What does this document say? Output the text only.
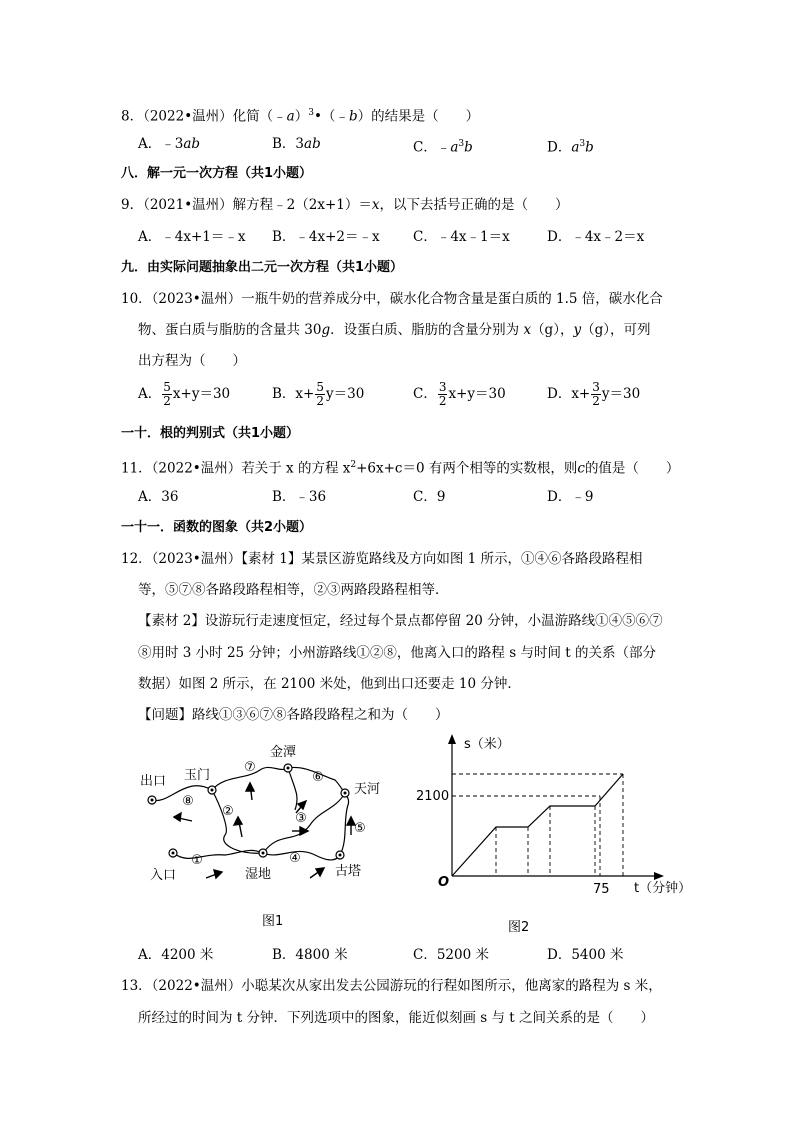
8．（2022•温州）化简（﹣a）$^3$•（﹣b）的结果是（　　）
A．﹣3ab	B．3ab	C．$﹣a^3b$	D．$a^3b$
八．解一元一次方程（共1小题）
9．（2021•温州）解方程﹣2（2x+1）＝x，以下去括号正确的是（　　）
A．﹣4x+1＝﹣x B．﹣4x+2＝﹣x C．﹣4x﹣1＝x	D．﹣4x﹣2＝x
九．由实际问题抽象出二元一次方程（共1小题）
10．（2023•温州）一瓶牛奶的营养成分中，碳水化合物含量是蛋白质的 1.5 倍，碳水化合
物、蛋白质与脂肪的含量共 30g．设蛋白质、脂肪的含量分别为 x（g），y（g），可列
出方程为（　　）
A． $\frac{5}{2} x+y=30$	B．$x+ \frac{5}{2} y=30$	C． $\frac{3}{2} x+y=30$	D．$x+ \frac{3}{2} y=30$
一十．根的判别式（共1小题）
11．（2022•温州）若关于 x 的方程 $x^2+6x+c=0$ 有两个相等的实数根，则c的值是（　　）
A．36	B．﹣36	C．9	D．﹣9
一十一．函数的图象（共2小题）
12．（2023•温州）【素材 1】某景区游览路线及方向如图 1 所示，①④⑥各路段路程相
等，⑤⑦⑧各路段路程相等，②③两路段路程相等．
【素材 2】设游玩行走速度恒定，经过每个景点都停留 20 分钟，小温游路线①④⑤⑥⑦
⑧用时 3 小时 25 分钟；小州游路线①②⑧，他离入口的路程 s 与时间 t 的关系（部分
数据）如图 2 所示，在 2100 米处，他到出口还要走 10 分钟．
【问题】路线①③⑥⑦⑧各路段路程之和为（　　）
⑧
⑦
⑥
②	③
①	④
⑤
出口 玉门
金潭
天河
入口	湿地	古塔
图1
s（米）
2100
O	75 t（分钟）
图2
A．4200 米	B．4800 米	C．5200 米	D．5400 米
13．（2022•温州）小聪某次从家出发去公园游玩的行程如图所示，他离家的路程为 s 米，
所经过的时间为 t 分钟．下列选项中的图象，能近似刻画 s 与 t 之间关系的是（　　）
